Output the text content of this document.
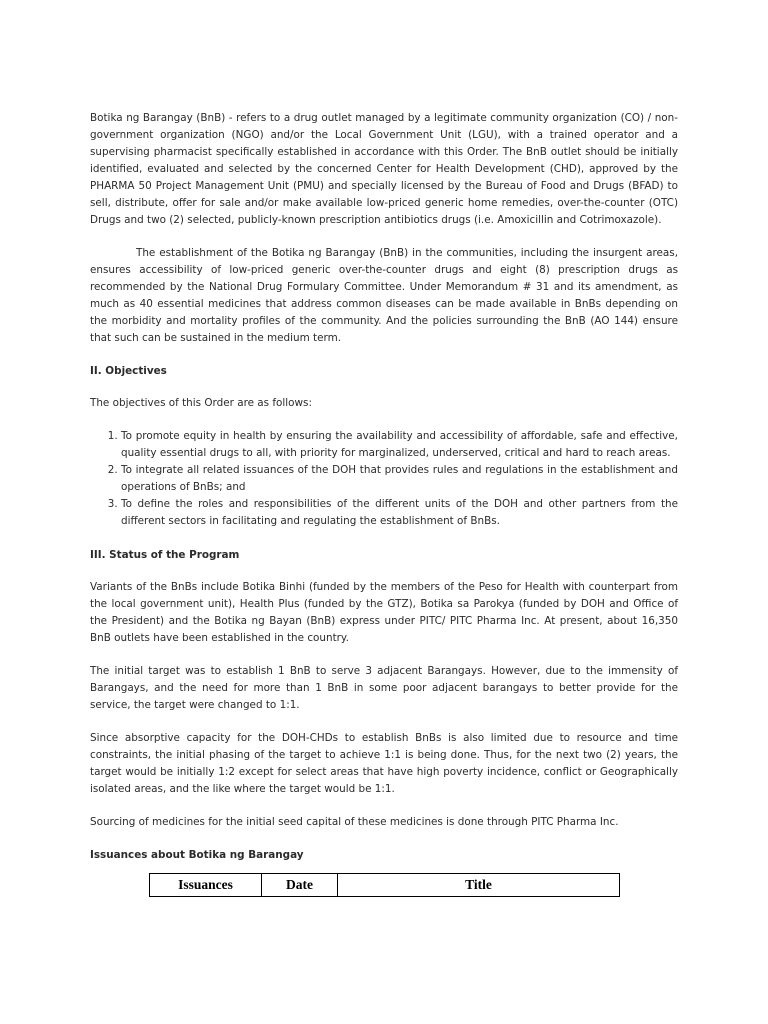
Botika ng Barangay (BnB) - refers to a drug outlet managed by a legitimate community organization (CO) / non-government organization (NGO) and/or the Local Government Unit (LGU), with a trained operator and a supervising pharmacist specifically established in accordance with this Order. The BnB outlet should be initially identified, evaluated and selected by the concerned Center for Health Development (CHD), approved by the PHARMA 50 Project Management Unit (PMU) and specially licensed by the Bureau of Food and Drugs (BFAD) to sell, distribute, offer for sale and/or make available low-priced generic home remedies, over-the-counter (OTC) Drugs and two (2) selected, publicly-known prescription antibiotics drugs (i.e. Amoxicillin and Cotrimoxazole).

The establishment of the Botika ng Barangay (BnB) in the communities, including the insurgent areas, ensures accessibility of low-priced generic over-the-counter drugs and eight (8) prescription drugs as recommended by the National Drug Formulary Committee. Under Memorandum # 31 and its amendment, as much as 40 essential medicines that address common diseases can be made available in BnBs depending on the morbidity and mortality profiles of the community. And the policies surrounding the BnB (AO 144) ensure that such can be sustained in the medium term.

II. Objectives

The objectives of this Order are as follows:

1. To promote equity in health by ensuring the availability and accessibility of affordable, safe and effective, quality essential drugs to all, with priority for marginalized, underserved, critical and hard to reach areas.
2. To integrate all related issuances of the DOH that provides rules and regulations in the establishment and operations of BnBs; and
3. To define the roles and responsibilities of the different units of the DOH and other partners from the different sectors in facilitating and regulating the establishment of BnBs.
III. Status of the Program

Variants of the BnBs include Botika Binhi (funded by the members of the Peso for Health with counterpart from the local government unit), Health Plus (funded by the GTZ), Botika sa Parokya (funded by DOH and Office of the President) and the Botika ng Bayan (BnB) express under PITC/ PITC Pharma Inc. At present, about 16,350 BnB outlets have been established in the country.

The initial target was to establish 1 BnB to serve 3 adjacent Barangays. However, due to the immensity of Barangays, and the need for more than 1 BnB in some poor adjacent barangays to better provide for the service, the target were changed to 1:1.

Since absorptive capacity for the DOH-CHDs to establish BnBs is also limited due to resource and time constraints, the initial phasing of the target to achieve 1:1 is being done. Thus, for the next two (2) years, the target would be initially 1:2 except for select areas that have high poverty incidence, conflict or Geographically isolated areas, and the like where the target would be 1:1.

Sourcing of medicines for the initial seed capital of these medicines is done through PITC Pharma Inc.

Issuances about Botika ng Barangay
Issuances	Date	Title
